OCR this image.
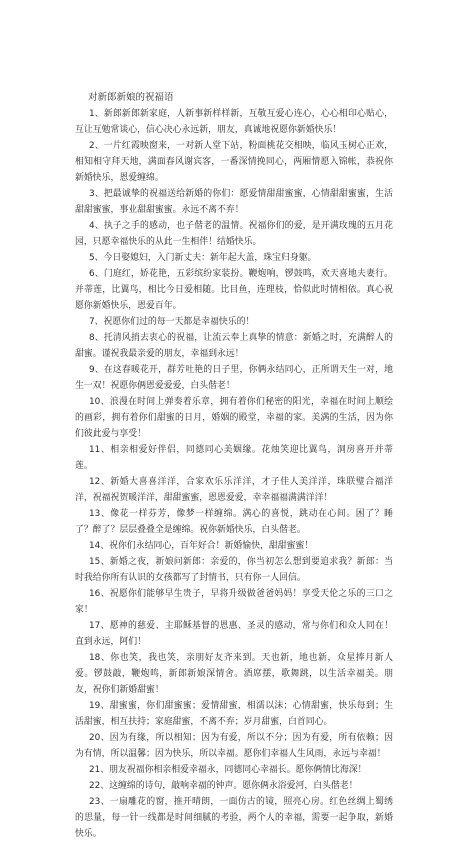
对新郎新娘的祝福语

1、新郎新郎新家庭，人新事新样样新，互敬互爱心连心，心心相印心贴心，互让互勉常谈心，信心决心永远新，朋友，真诚地祝愿你新婚快乐！

2、一片红霞映窗来，一对新人堂下站，粉面桃花交相映，临风玉树心正欢，相知相守拜天地，满面春风谢宾客，一番深情挽同心，两厢情愿入锦帐，恭祝你新婚快乐，恩爱缠绵。

3、把最诚挚的祝福送给新婚的你们：愿爱情甜甜蜜蜜，心情甜甜蜜蜜，生活甜甜蜜蜜，事业甜甜蜜蜜。永远不离不弃！

4、执子之手的感动，也子偕老的温情。祝福你们的爱，是开满玫瑰的五月花园，只愿幸福快乐的从此一生相伴！结婚快乐。

5、今日娶媳妇，入门新丈夫：新年起大盖，珠宝归身躯。

6、门庭红，娇花艳，五彩缤纷家装扮。鞭炮响，锣鼓鸣，欢天喜地夫妻行。并蒂莲，比翼鸟，相比今日爱相随。比目鱼，连理枝，恰似此时情相依。真心祝愿你新婚快乐，恩爱百年。

7、祝愿你们过的每一天都是幸福快乐的！

8、托清风捎去衷心的祝福，让流云奉上真挚的情意：新婚之时，充满醉人的甜蜜。谨祝我最亲爱的朋友，幸福到永远！

9、在这春暖花开，群芳吐艳的日子里，你俩永结同心，正所谓天生一对，地生一双！祝愿你俩恩爱爱爱，白头偕老！

10、浪漫在时间上弹奏着乐章，拥有着你们秘密的阳光，幸福在时间上顺绘的画彩，拥有着你们甜蜜的日月，婚姻的殿堂，幸福的家。美满的生活，因为你们彼此爱与享受！

11、相亲相爱好伴侣，同德同心美姻缘。花烛笑迎比翼鸟，洞房喜开并蒂莲。

12、新婚大喜喜洋洋，合家欢乐乐洋洋，才子佳人美洋洋，珠联璧合福洋洋，祝福祝贺暖洋洋，甜甜蜜蜜，恩恩爱爱，幸幸福福满满洋洋！

13、像花一样芬芳，像梦一样缠绵。满心的喜悦，跳动在心间。困了？睡了？醉了？层层叠叠全是缠绵。祝你新婚快乐，白头偕老。

14、祝你们永结同心，百年好合！新婚愉快，甜甜蜜蜜！

15、新婚之夜，新娘问新郎：亲爱的，你当初怎么想到要追求我？新郎：当时我给你所有认识的女孩都写了封情书，只有你一人回信。

16、祝愿你们能够早生贵子，早将升级做爸爸妈妈！享受天伦之乐的三口之家！

17、愿神的慈爱、主耶稣基督的恩惠、圣灵的感动，常与你们和众人同在！直到永远，阿们！

18、你也笑，我也笑，亲朋好友齐来到。天也新，地也新，众星捧月新人爱。锣鼓敲，鞭炮鸣，新郎新娘深情舍。酒席摆，歌舞跳，以生活幸福美。朋友，祝你们新婚甜蜜！

19、甜蜜蜜，你们甜蜜蜜；爱情甜蜜，相濡以沫；心情甜蜜，快乐每到；生活甜蜜，相互扶持；家庭甜蜜，不离不弃；岁月甜蜜，白首同心。

20、因为有缘，所以相知；因为有爱，所以不分；因为有爱，所有依赖；因为有情，所以温馨；因为快乐，所以幸福。愿你们幸福人生风雨，永远与幸福！

21、朋友祝福你相亲相爱幸福永，同德同心幸福长。愿你俩情比海深！

22、这缠绵的诗句，敲响幸福的钟声。愿你俩永浴爱河，白头偕老！

23、一扇雕花的窗，推开晴朗，一面仿古的镜，照亮心房。红色丝绸上蜀绣的思量，每一针一线都是时间细腻的考验，两个人的幸福，需要一起争取，新婚快乐。
